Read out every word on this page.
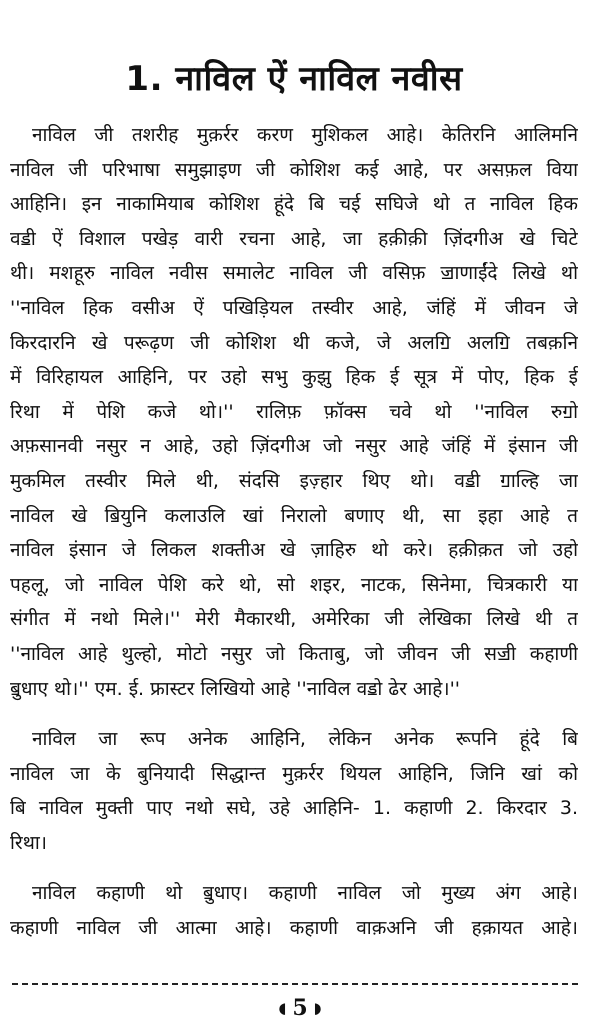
1. नाविल ऐं नाविल नवीस

नाविल जी तशरीह मुक़र्रर करण मुशिकल आहे। केतिरनि आलिमनि
नाविल जी परिभाषा समुझाइण जी कोशिश कई आहे, पर असफ़ल विया
आहिनि। इन नाकामियाब कोशिश हूंदे बि चई सघिजे थो त नाविल हिक
वॾी ऐं विशाल पखेड़ वारी रचना आहे, जा हक़ीक़ी ज़िंदगीअ खे चिटे
थी। मशहूरु नाविल नवीस समालेट नाविल जी वसिफ़ ॼाणाईंदे लिखे थो
''नाविल हिक वसीअ ऐं पखिड़ियल तस्वीर आहे, जंहिं में जीवन जे
किरदारनि खे परूढ़ण जी कोशिश थी कजे, जे अलॻि अलॻि तबक़नि
में विरिहायल आहिनि, पर उहो सभु कुझु हिक ई सूत्र में पोए, हिक ई
रिथा में पेशि कजे थो।'' रालिफ़ फ़ॉक्स चवे थो ''नाविल रुॻो
अफ़सानवी नसुर न आहे, उहो ज़िंदगीअ जो नसुर आहे जंहिं में इंसान जी
मुकमिल तस्वीर मिले थी, संदसि इज़्हार थिए थो। वॾी ॻाल्हि जा
नाविल खे ॿियुनि कलाउलि खां निरालो बणाए थी, सा इहा आहे त
नाविल इंसान जे लिकल शक्तीअ खे ज़ाहिरु थो करे। हक़ीक़त जो उहो
पहलू, जो नाविल पेशि करे थो, सो शइर, नाटक, सिनेमा, चित्रकारी या
संगीत में नथो मिले।'' मेरी मैकारथी, अमेरिका जी लेखिका लिखे थी त
''नाविल आहे थुल्हो, मोटो नसुर जो किताबु, जो जीवन जी सॼी कहाणी
ॿुधाए थो।'' एम. ई. फ्रास्टर लिखियो आहे ''नाविल वॾो ढेर आहे।''

नाविल जा रूप अनेक आहिनि, लेकिन अनेक रूपनि हूंदे बि
नाविल जा के बुनियादी सिद्धान्त मुक़र्रर थियल आहिनि, जिनि खां को
बि नाविल मुक्ती पाए नथो सघे, उहे आहिनि- 1. कहाणी 2. किरदार 3.
रिथा।

नाविल कहाणी थो ॿुधाए। कहाणी नाविल जो मुख्य अंग आहे।
कहाणी नाविल जी आत्मा आहे। कहाणी वाक़अनि जी हक़ायत आहे।

◖ 5 ◗
